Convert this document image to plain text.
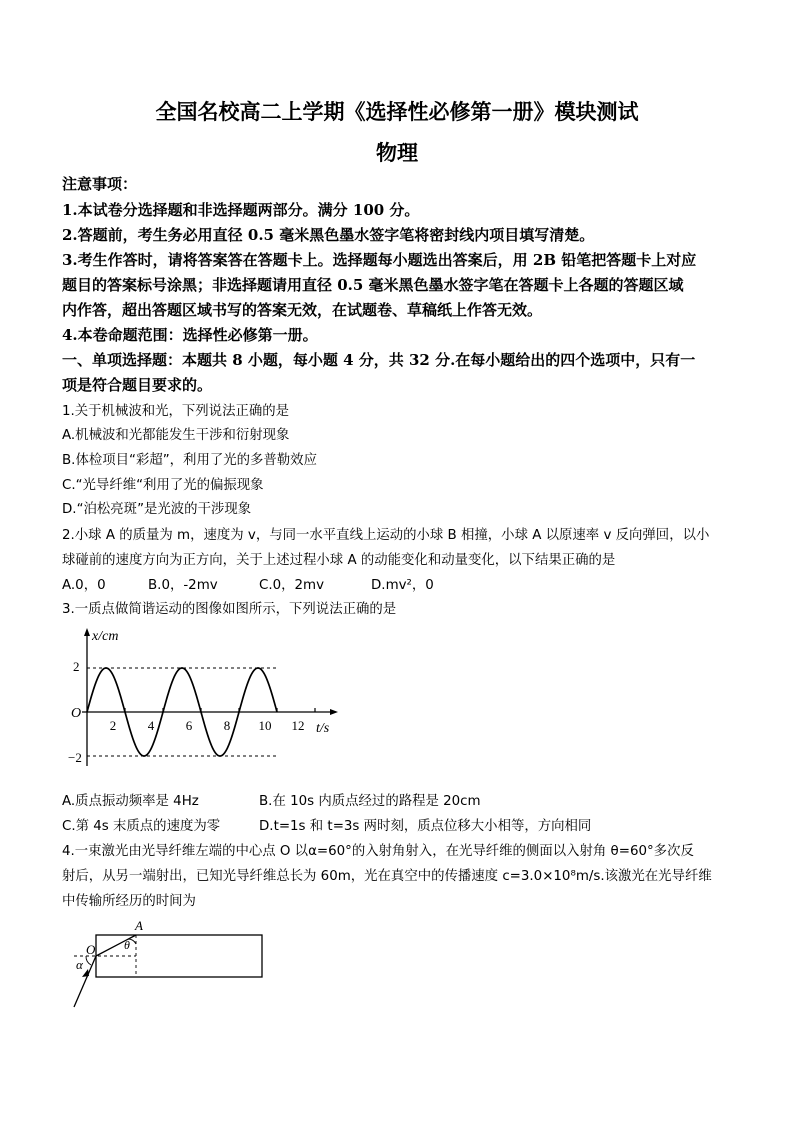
全国名校高二上学期《选择性必修第一册》模块测试
物理
注意事项：
1.本试卷分选择题和非选择题两部分。满分 100 分。
2.答题前，考生务必用直径 0.5 毫米黑色墨水签字笔将密封线内项目填写清楚。
3.考生作答时，请将答案答在答题卡上。选择题每小题选出答案后，用 2B 铅笔把答题卡上对应
题目的答案标号涂黑；非选择题请用直径 0.5 毫米黑色墨水签字笔在答题卡上各题的答题区域
内作答，超出答题区域书写的答案无效，在试题卷、草稿纸上作答无效。
4.本卷命题范围：选择性必修第一册。
一、单项选择题：本题共 8 小题，每小题 4 分，共 32 分.在每小题给出的四个选项中，只有一
项是符合题目要求的。
1.关于机械波和光，下列说法正确的是
A.机械波和光都能发生干涉和衍射现象
B.体检项目“彩超”，利用了光的多普勒效应
C.“光导纤维“利用了光的偏振现象
D.“泊松亮斑”是光波的干涉现象
2.小球 A 的质量为 m，速度为 v，与同一水平直线上运动的小球 B 相撞，小球 A 以原速率 v 反向弹回，以小
球碰前的速度方向为正方向，关于上述过程小球 A 的动能变化和动量变化，以下结果正确的是
A.0，0	B.0，-2mv	C.0，2mv	D.mv²，0
3.一质点做简谐运动的图像如图所示，下列说法正确的是
x/cm
t/s
O
2
−2
2 4 6 8 10 12
A.质点振动频率是 4Hz	B.在 10s 内质点经过的路程是 20cm
C.第 4s 末质点的速度为零	D.t=1s 和 t=3s 两时刻，质点位移大小相等，方向相同
4.一束激光由光导纤维左端的中心点 O 以α=60°的入射角射入，在光导纤维的侧面以入射角 θ=60°多次反
射后，从另一端射出，已知光导纤维总长为 60m，光在真空中的传播速度 c=3.0×10⁸m/s.该激光在光导纤维
中传输所经历的时间为
A
O
α
θ
